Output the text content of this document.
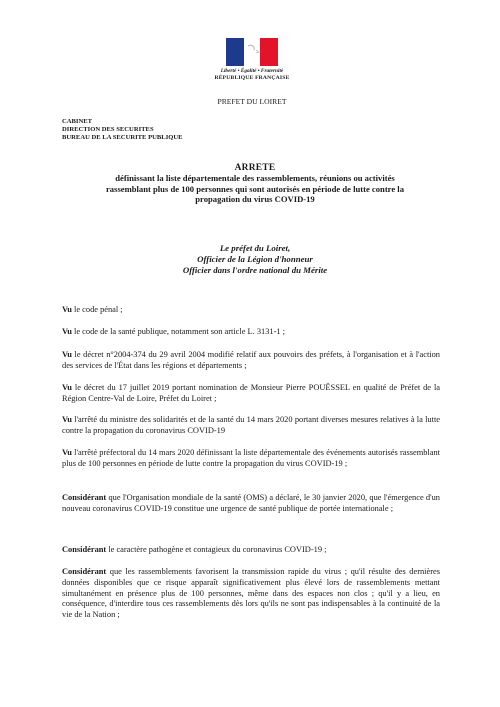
Liberté • Égalité • Fraternité
RÉPUBLIQUE FRANÇAISE
PREFET DU LOIRET
CABINET
DIRECTION DES SECURITES
BUREAU DE LA SECURITE PUBLIQUE
ARRETE
définissant la liste départementale des rassemblements, réunions ou activités
rassemblant plus de 100 personnes qui sont autorisés en période de lutte contre la
propagation du virus COVID-19
Le préfet du Loiret,
Officier de la Légion d'honneur
Officier dans l'ordre national du Mérite
Vu le code pénal ;
Vu le code de la santé publique, notamment son article L. 3131-1 ;
Vu le décret n°2004-374 du 29 avril 2004 modifié relatif aux pouvoirs des préfets, à l'organisation et à l'action des services de l'État dans les régions et départements ;
Vu le décret du 17 juillet 2019 portant nomination de Monsieur Pierre POUËSSEL en qualité de Préfet de la Région Centre-Val de Loire, Préfet du Loiret ;
Vu l'arrêté du ministre des solidarités et de la santé du 14 mars 2020 portant diverses mesures relatives à la lutte contre la propagation du coronavirus COVID-19
Vu l'arrêté préfectoral du 14 mars 2020 définissant la liste départementale des événements autorisés rassemblant plus de 100 personnes en période de lutte contre la propagation du virus COVID-19 ;
Considérant que l'Organisation mondiale de la santé (OMS) a déclaré, le 30 janvier 2020, que l'émergence d'un nouveau coronavirus COVID-19 constitue une urgence de santé publique de portée internationale ;
Considérant le caractère pathogène et contagieux du coronavirus COVID-19 ;
Considérant que les rassemblements favorisent la transmission rapide du virus ; qu'il résulte des dernières données disponibles que ce risque apparaît significativement plus élevé lors de rassemblements mettant simultanément en présence plus de 100 personnes, même dans des espaces non clos ; qu'il y a lieu, en conséquence, d'interdire tous ces rassemblements dès lors qu'ils ne sont pas indispensables à la continuité de la vie de la Nation ;
